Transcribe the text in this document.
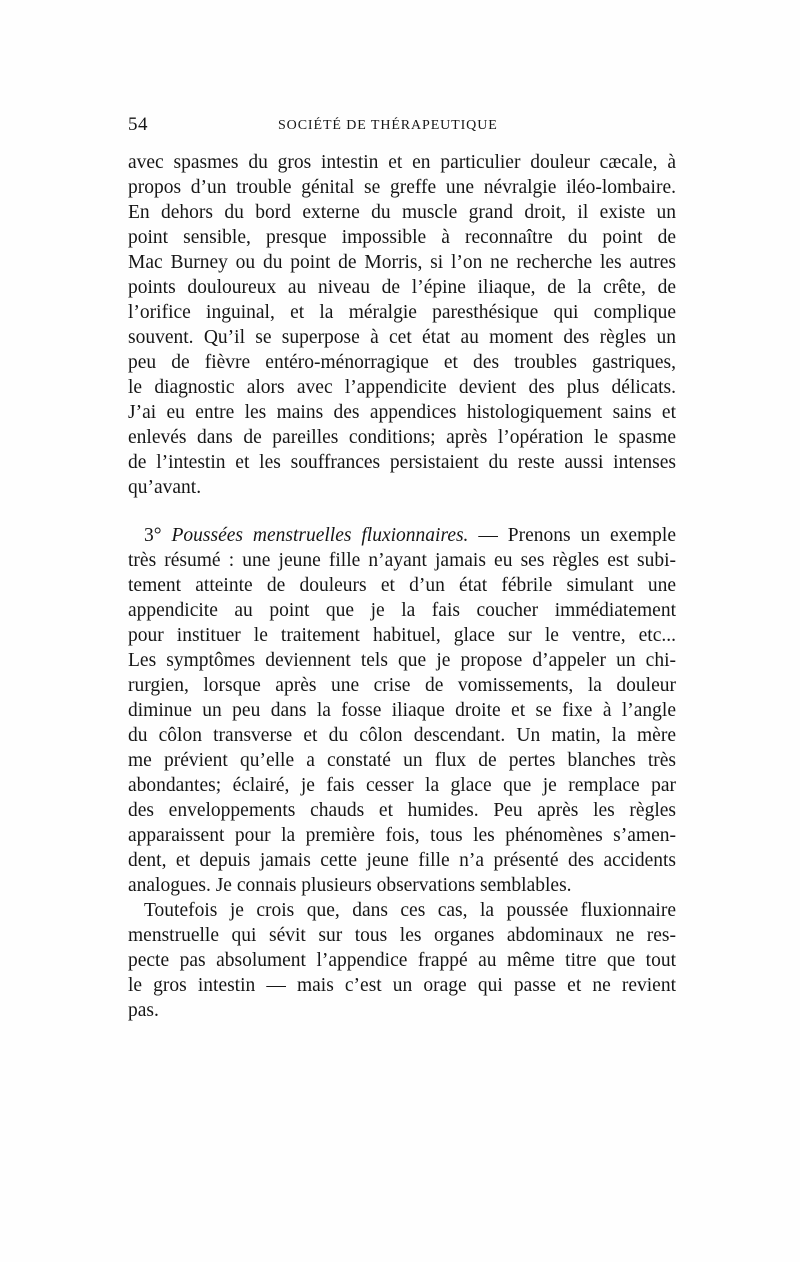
54	SOCIÉTÉ DE THÉRAPEUTIQUE
avec spasmes du gros intestin et en particulier douleur cæcale, à
propos d’un trouble génital se greffe une névralgie iléo-lombaire.
En dehors du bord externe du muscle grand droit, il existe un
point sensible, presque impossible à reconnaître du point de
Mac Burney ou du point de Morris, si l’on ne recherche les autres
points douloureux au niveau de l’épine iliaque, de la crête, de
l’orifice inguinal, et la méralgie paresthésique qui complique
souvent. Qu’il se superpose à cet état au moment des règles un
peu de fièvre entéro-ménorragique et des troubles gastriques,
le diagnostic alors avec l’appendicite devient des plus délicats.
J’ai eu entre les mains des appendices histologiquement sains et
enlevés dans de pareilles conditions; après l’opération le spasme
de l’intestin et les souffrances persistaient du reste aussi intenses
qu’avant.
3° Poussées menstruelles fluxionnaires. — Prenons un exemple
très résumé : une jeune fille n’ayant jamais eu ses règles est subi-
tement atteinte de douleurs et d’un état fébrile simulant une
appendicite au point que je la fais coucher immédiatement
pour instituer le traitement habituel, glace sur le ventre, etc...
Les symptômes deviennent tels que je propose d’appeler un chi-
rurgien, lorsque après une crise de vomissements, la douleur
diminue un peu dans la fosse iliaque droite et se fixe à l’angle
du côlon transverse et du côlon descendant. Un matin, la mère
me prévient qu’elle a constaté un flux de pertes blanches très
abondantes; éclairé, je fais cesser la glace que je remplace par
des enveloppements chauds et humides. Peu après les règles
apparaissent pour la première fois, tous les phénomènes s’amen-
dent, et depuis jamais cette jeune fille n’a présenté des accidents
analogues. Je connais plusieurs observations semblables.
Toutefois je crois que, dans ces cas, la poussée fluxionnaire
menstruelle qui sévit sur tous les organes abdominaux ne res-
pecte pas absolument l’appendice frappé au même titre que tout
le gros intestin — mais c’est un orage qui passe et ne revient
pas.
